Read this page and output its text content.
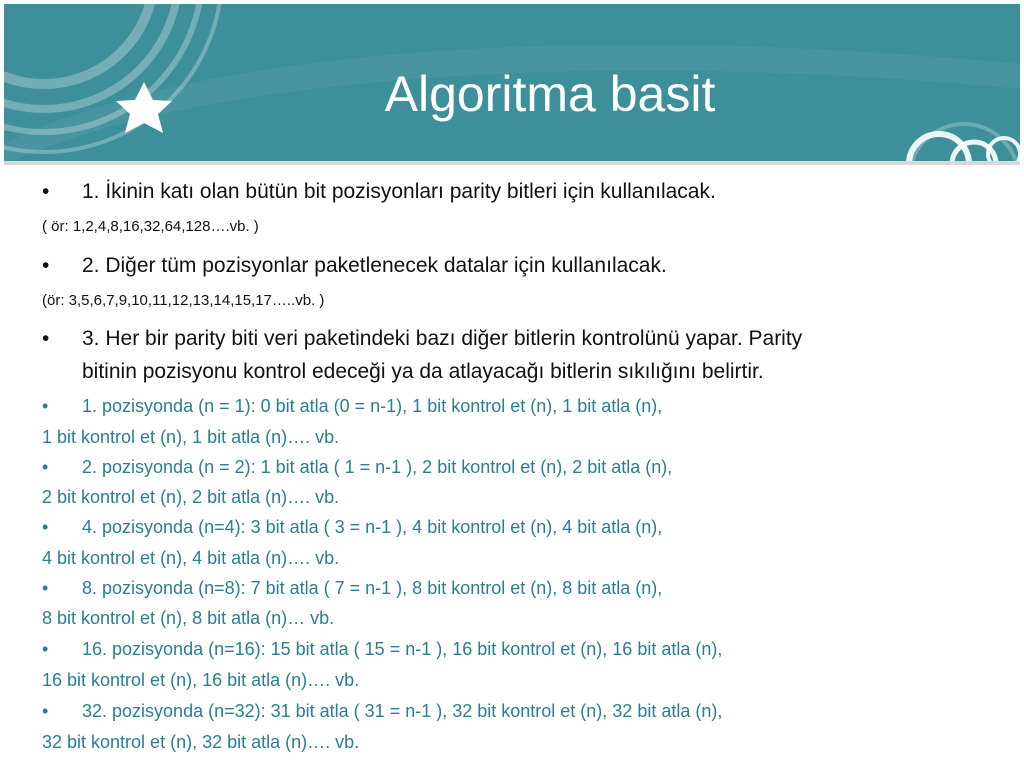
Algoritma basit
• 1. İkinin katı olan bütün bit pozisyonları parity bitleri için kullanılacak.
( ör: 1,2,4,8,16,32,64,128….vb. )
• 2. Diğer tüm pozisyonlar paketlenecek datalar için kullanılacak.
(ör: 3,5,6,7,9,10,11,12,13,14,15,17…..vb. )
• 3. Her bir parity biti veri paketindeki bazı diğer bitlerin kontrolünü yapar. Parity
bitinin pozisyonu kontrol edeceği ya da atlayacağı bitlerin sıkılığını belirtir.
• 1. pozisyonda (n = 1): 0 bit atla (0 = n-1), 1 bit kontrol et (n), 1 bit atla (n),
1 bit kontrol et (n), 1 bit atla (n)…. vb.
• 2. pozisyonda (n = 2): 1 bit atla ( 1 = n-1 ), 2 bit kontrol et (n), 2 bit atla (n),
2 bit kontrol et (n), 2 bit atla (n)…. vb.
• 4. pozisyonda (n=4): 3 bit atla ( 3 = n-1 ), 4 bit kontrol et (n), 4 bit atla (n),
4 bit kontrol et (n), 4 bit atla (n)…. vb.
• 8. pozisyonda (n=8): 7 bit atla ( 7 = n-1 ), 8 bit kontrol et (n), 8 bit atla (n),
8 bit kontrol et (n), 8 bit atla (n)… vb.
• 16. pozisyonda (n=16): 15 bit atla ( 15 = n-1 ), 16 bit kontrol et (n), 16 bit atla (n),
16 bit kontrol et (n), 16 bit atla (n)…. vb.
• 32. pozisyonda (n=32): 31 bit atla ( 31 = n-1 ), 32 bit kontrol et (n), 32 bit atla (n),
32 bit kontrol et (n), 32 bit atla (n)…. vb.
